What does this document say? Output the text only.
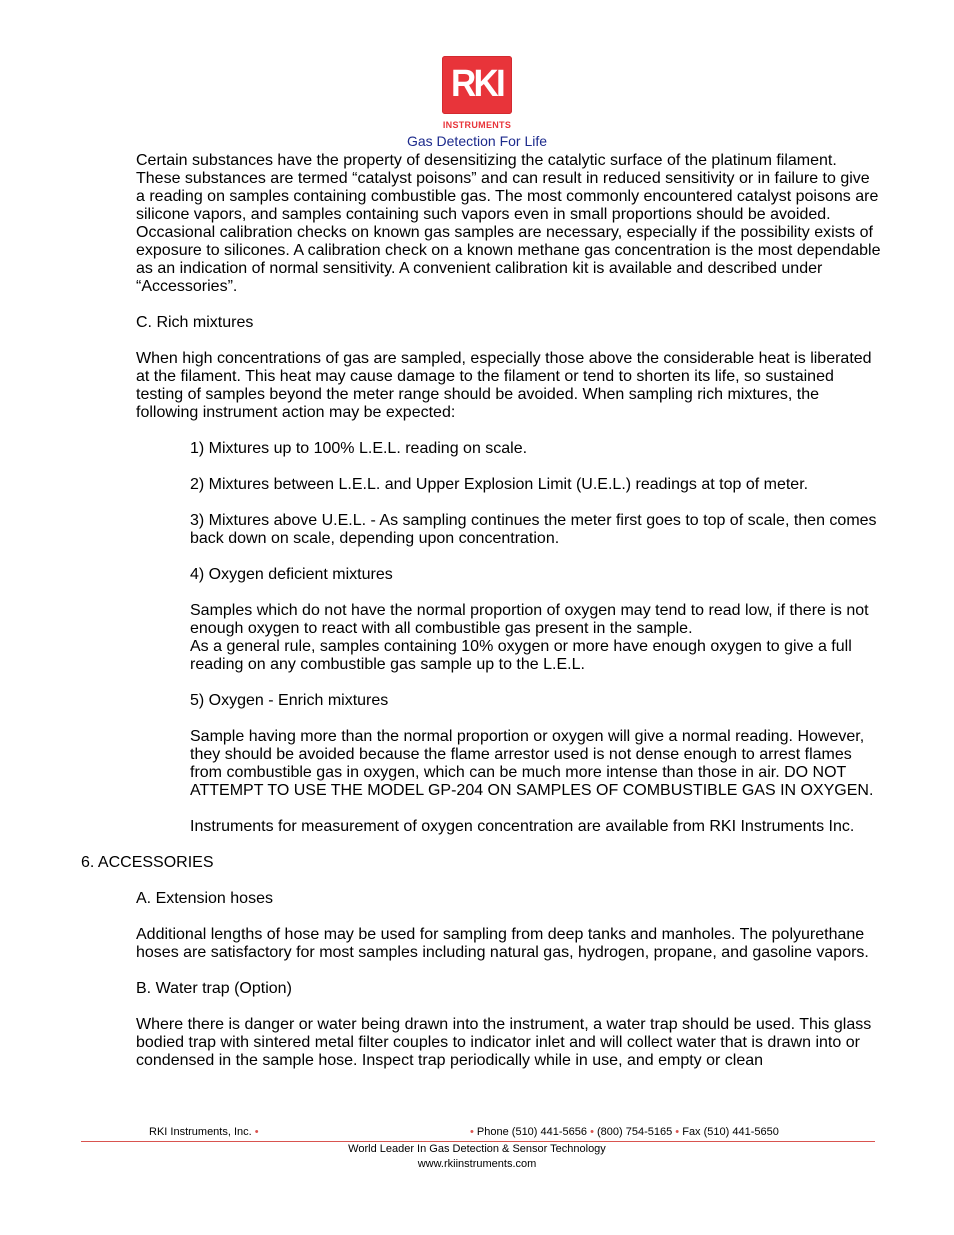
RKI
INSTRUMENTS
Gas Detection For Life

Certain substances have the property of desensitizing the catalytic surface of the platinum filament. These substances are termed “catalyst poisons” and can result in reduced sensitivity or in failure to give a reading on samples containing combustible gas. The most commonly encountered catalyst poisons are silicone vapors, and samples containing such vapors even in small proportions should be avoided.

Occasional calibration checks on known gas samples are necessary, especially if the possibility exists of exposure to silicones. A calibration check on a known methane gas concentration is the most dependable as an indication of normal sensitivity. A convenient calibration kit is available and described under “Accessories”.

C. Rich mixtures

When high concentrations of gas are sampled, especially those above the considerable heat is liberated at the filament. This heat may cause damage to the filament or tend to shorten its life, so sustained testing of samples beyond the meter range should be avoided. When sampling rich mixtures, the following instrument action may be expected:

1) Mixtures up to 100% L.E.L. reading on scale.

2) Mixtures between L.E.L. and Upper Explosion Limit (U.E.L.) readings at top of meter.

3) Mixtures above U.E.L. - As sampling continues the meter first goes to top of scale, then comes back down on scale, depending upon concentration.

4) Oxygen deficient mixtures

Samples which do not have the normal proportion of oxygen may tend to read low, if there is not enough oxygen to react with all combustible gas present in the sample.

As a general rule, samples containing 10% oxygen or more have enough oxygen to give a full reading on any combustible gas sample up to the L.E.L.

5) Oxygen - Enrich mixtures

Sample having more than the normal proportion or oxygen will give a normal reading. However, they should be avoided because the flame arrestor used is not dense enough to arrest flames from combustible gas in oxygen, which can be much more intense than those in air. DO NOT ATTEMPT TO USE THE MODEL GP-204 ON SAMPLES OF COMBUSTIBLE GAS IN OXYGEN.

Instruments for measurement of oxygen concentration are available from RKI Instruments Inc.

6. ACCESSORIES

A. Extension hoses

Additional lengths of hose may be used for sampling from deep tanks and manholes. The polyurethane hoses are satisfactory for most samples including natural gas, hydrogen, propane, and gasoline vapors.

B. Water trap (Option)

Where there is danger or water being drawn into the instrument, a water trap should be used. This glass bodied trap with sintered metal filter couples to indicator inlet and will collect water that is drawn into or condensed in the sample hose. Inspect trap periodically while in use, and empty or clean

RKI Instruments, Inc. •	• Phone (510) 441-5656 • (800) 754-5165 • Fax (510) 441-5650
World Leader In Gas Detection & Sensor Technology
www.rkiinstruments.com
